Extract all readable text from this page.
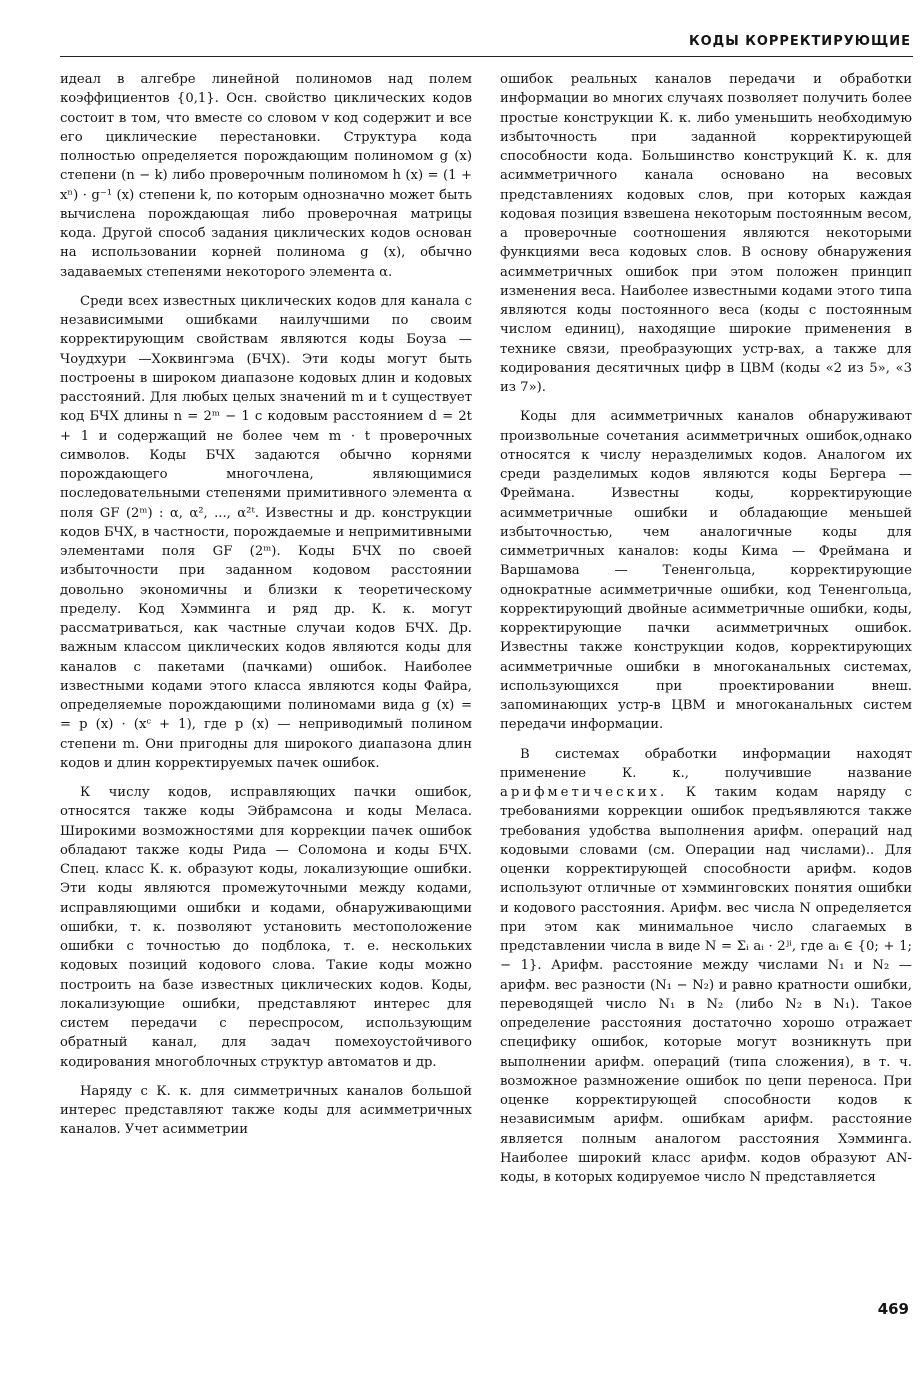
КОДЫ КОРРЕКТИРУЮЩИЕ

идеал в алгебре линейной полиномов над полем коэффициентов {0,1}. Осн. свойство циклических кодов состоит в том, что вместе со словом v код содержит и все его циклические перестановки. Структура кода полностью определяется порождающим полиномом g (x) степени (n − k) либо проверочным полиномом h (x) = (1 + xⁿ) · g⁻¹ (x) степени k, по которым однозначно может быть вычислена порождающая либо проверочная матрицы кода. Другой способ задания циклических кодов основан на использовании корней полинома g (x), обычно задаваемых степенями некоторого элемента α.

Среди всех известных циклических кодов для канала с независимыми ошибками наилучшими по своим корректирующим свойствам являются коды Боуза — Чоудхури —Хоквингэма (БЧХ). Эти коды могут быть построены в широком диапазоне кодовых длин и кодовых расстояний. Для любых целых значений m и t существует код БЧХ длины n = 2ᵐ − 1 с кодовым расстоянием d = 2t + 1 и содержащий не более чем m · t проверочных символов. Коды БЧХ задаются обычно корнями порождающего многочлена, являющимися последовательными степенями примитивного элемента α поля GF (2ᵐ) : α, α², ..., α²ᵗ. Известны и др. конструкции кодов БЧХ, в частности, порождаемые и непримитивными элементами поля GF (2ᵐ). Коды БЧХ по своей избыточности при заданном кодовом расстоянии довольно экономичны и близки к теоретическому пределу. Код Хэмминга и ряд др. К. к. могут рассматриваться, как частные случаи кодов БЧХ. Др. важным классом циклических кодов являются коды для каналов с пакетами (пачками) ошибок. Наиболее известными кодами этого класса являются коды Файра, определяемые порождающими полиномами вида g (x) = = p (x) · (xᶜ + 1), где p (x) — неприводимый полином степени m. Они пригодны для широкого диапазона длин кодов и длин корректируемых пачек ошибок.

К числу кодов, исправляющих пачки ошибок, относятся также коды Эйбрамсона и коды Меласа. Широкими возможностями для коррекции пачек ошибок обладают также коды Рида — Соломона и коды БЧХ. Спец. класс К. к. образуют коды, локализующие ошибки. Эти коды являются промежуточными между кодами, исправляющими ошибки и кодами, обнаруживающими ошибки, т. к. позволяют установить местоположение ошибки с точностью до подблока, т. е. нескольких кодовых позиций кодового слова. Такие коды можно построить на базе известных циклических кодов. Коды, локализующие ошибки, представляют интерес для систем передачи с переспросом, использующим обратный канал, для задач помехоустойчивого кодирования многоблочных структур автоматов и др.

Наряду с К. к. для симметричных каналов большой интерес представляют также коды для асимметричных каналов. Учет асимметрии

ошибок реальных каналов передачи и обработки информации во многих случаях позволяет получить более простые конструкции К. к. либо уменьшить необходимую избыточность при заданной корректирующей способности кода. Большинство конструкций К. к. для асимметричного канала основано на весовых представлениях кодовых слов, при которых каждая кодовая позиция взвешена некоторым постоянным весом, а проверочные соотношения являются некоторыми функциями веса кодовых слов. В основу обнаружения асимметричных ошибок при этом положен принцип изменения веса. Наиболее известными кодами этого типа являются коды постоянного веса (коды с постоянным числом единиц), находящие широкие применения в технике связи, преобразующих устр-вах, а также для кодирования десятичных цифр в ЦВМ (коды «2 из 5», «3 из 7»).

Коды для асимметричных каналов обнаруживают произвольные сочетания асимметричных ошибок,однако относятся к числу неразделимых кодов. Аналогом их среди разделимых кодов являются коды Бергера — Фреймана. Известны коды, корректирующие асимметричные ошибки и обладающие меньшей избыточностью, чем аналогичные коды для симметричных каналов: коды Кима — Фреймана и Варшамова — Тененгольца, корректирующие однократные асимметричные ошибки, код Тененгольца, корректирующий двойные асимметричные ошибки, коды, корректирующие пачки асимметричных ошибок. Известны также конструкции кодов, корректирующих асимметричные ошибки в многоканальных системах, использующихся при проектировании внеш. запоминающих устр-в ЦВМ и многоканальных систем передачи информации.

В системах обработки информации находят применение К. к., получившие название арифметических. К таким кодам наряду с требованиями коррекции ошибок предъявляются также требования удобства выполнения арифм. операций над кодовыми словами (см. Операции над числами).. Для оценки корректирующей способности арифм. кодов используют отличные от хэмминговских понятия ошибки и кодового расстояния. Арифм. вес числа N определяется при этом как минимальное число слагаемых в представлении числа в виде N = Σᵢ aᵢ · 2ʲⁱ, где aᵢ ∈ {0; + 1; − 1}. Арифм. расстояние между числами N₁ и N₂ — арифм. вес разности (N₁ − N₂) и равно кратности ошибки, переводящей число N₁ в N₂ (либо N₂ в N₁). Такое определение расстояния достаточно хорошо отражает специфику ошибок, которые могут возникнуть при выполнении арифм. операций (типа сложения), в т. ч. возможное размножение ошибок по цепи переноса. При оценке корректирующей способности кодов к независимым арифм. ошибкам арифм. расстояние является полным аналогом расстояния Хэмминга. Наиболее широкий класс арифм. кодов образуют AN-коды, в которых кодируемое число N представляется

469
